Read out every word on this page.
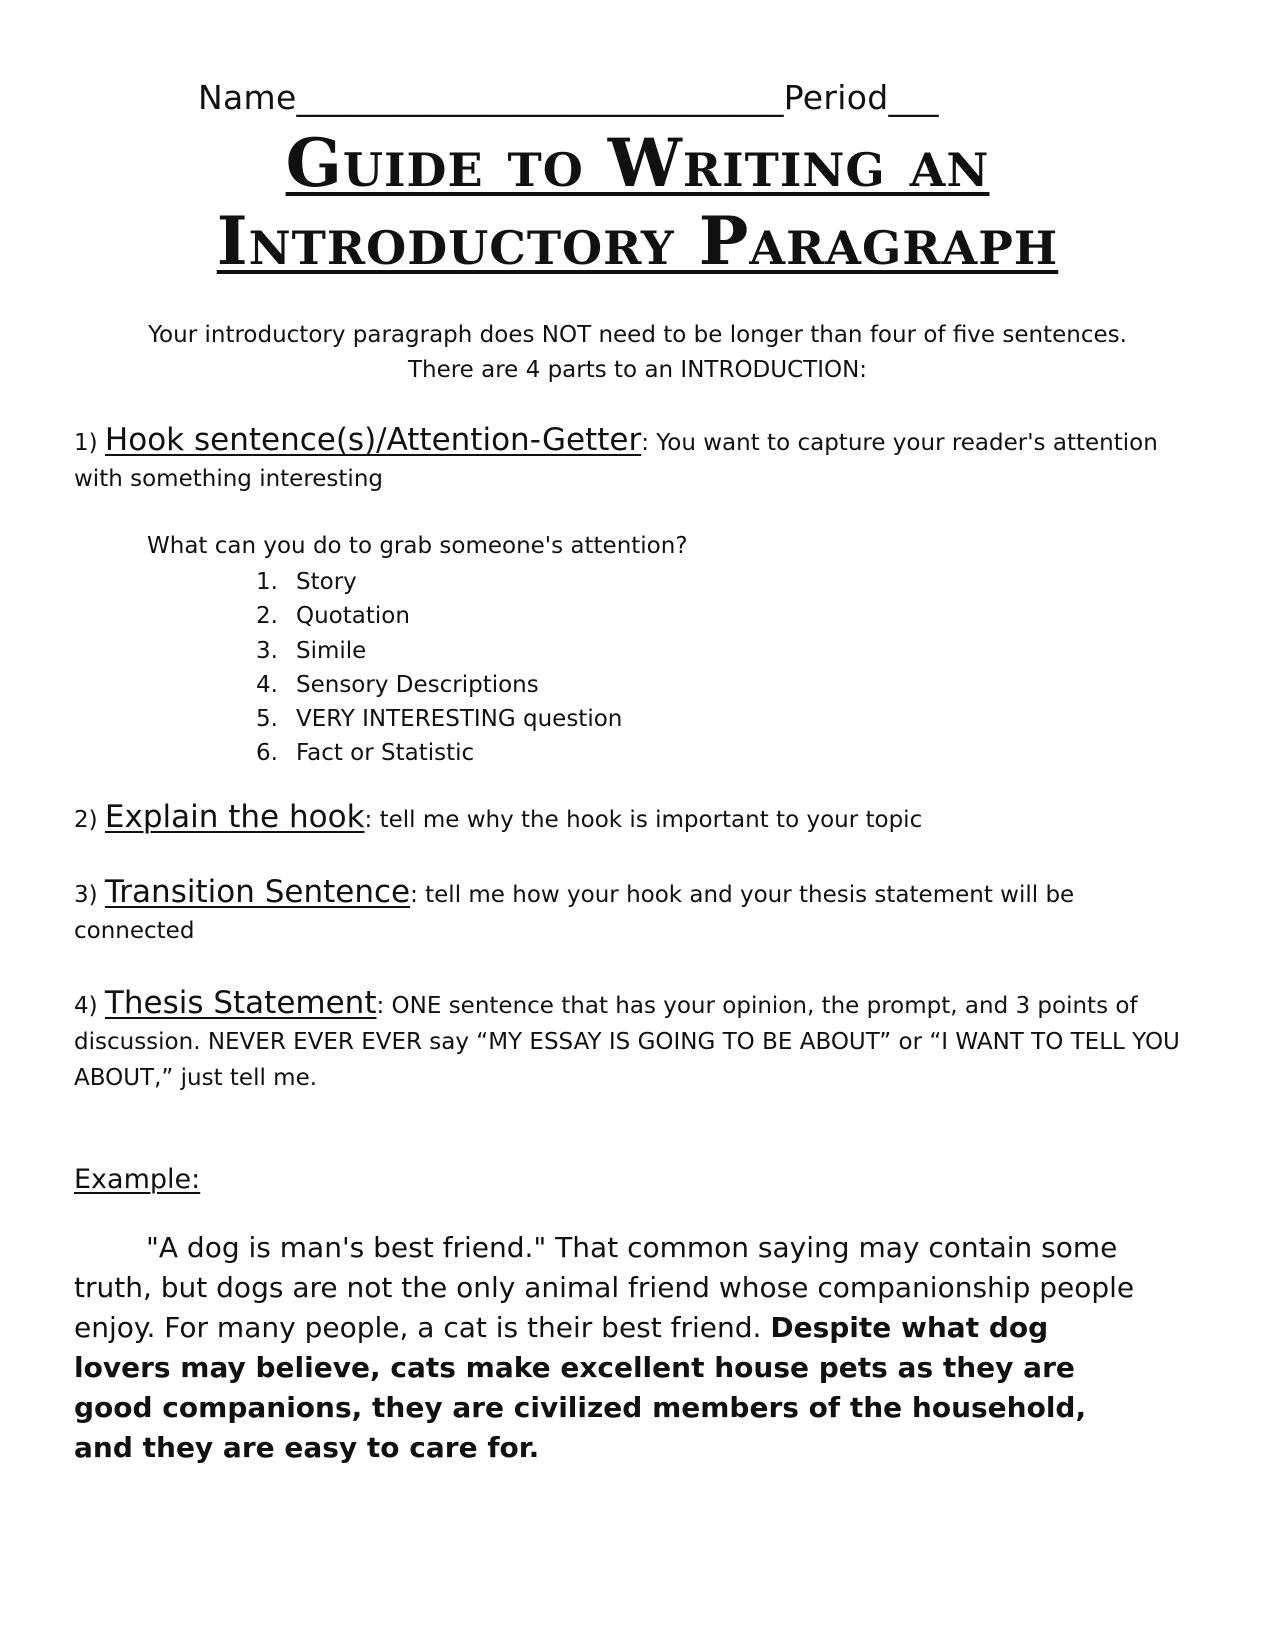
Name_____________________________Period___
Guide to Writing an
Introductory Paragraph
Your introductory paragraph does NOT need to be longer than four of five sentences.
There are 4 parts to an INTRODUCTION:
1) Hook sentence(s)/Attention-Getter: You want to capture your reader's attention with something interesting
What can you do to grab someone's attention?
1. Story
2. Quotation
3. Simile
4. Sensory Descriptions
5. VERY INTERESTING question
6. Fact or Statistic
2) Explain the hook: tell me why the hook is important to your topic
3) Transition Sentence: tell me how your hook and your thesis statement will be connected
4) Thesis Statement: ONE sentence that has your opinion, the prompt, and 3 points of discussion. NEVER EVER EVER say “MY ESSAY IS GOING TO BE ABOUT” or “I WANT TO TELL YOU ABOUT,” just tell me.
Example:
"A dog is man's best friend." That common saying may contain some truth, but dogs are not the only animal friend whose companionship people enjoy. For many people, a cat is their best friend. Despite what dog lovers may believe, cats make excellent house pets as they are good companions, they are civilized members of the household, and they are easy to care for.
